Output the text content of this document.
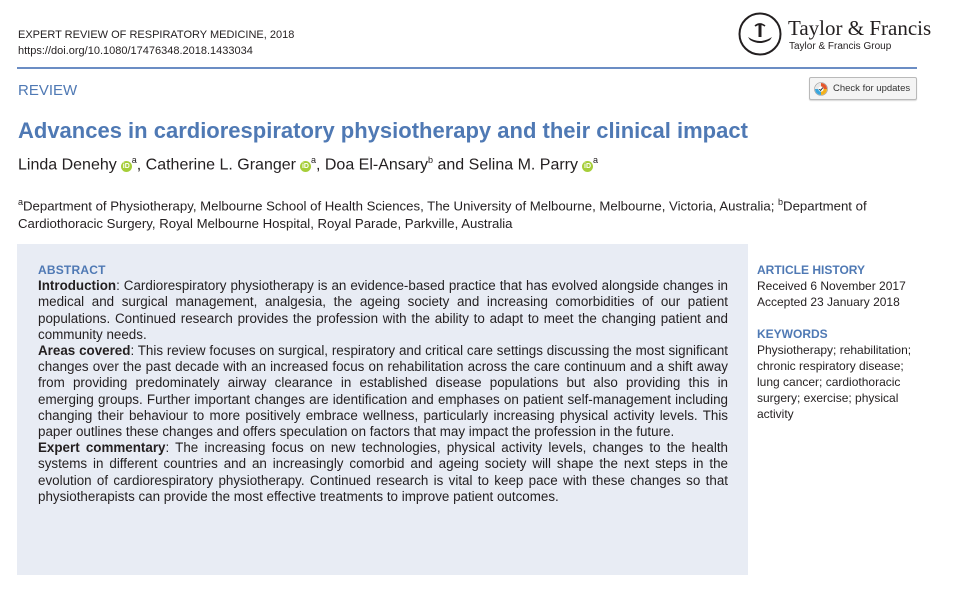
EXPERT REVIEW OF RESPIRATORY MEDICINE, 2018
https://doi.org/10.1080/17476348.2018.1433034
Taylor & Francis
Taylor & Francis Group
REVIEW	Check for updates
Advances in cardiorespiratory physiotherapy and their clinical impact
Linda Denehy $iD^a$, Catherine L. Granger $iD^a$, Doa El-Ansary$^b$ and Selina M. Parry $iD^a$
$^a$Department of Physiotherapy, Melbourne School of Health Sciences, The University of Melbourne, Melbourne, Victoria, Australia; $^b$Department of Cardiothoracic Surgery, Royal Melbourne Hospital, Royal Parade, Parkville, Australia
ABSTRACT
Introduction: Cardiorespiratory physiotherapy is an evidence-based practice that has evolved alongside changes in medical and surgical management, analgesia, the ageing society and increasing comorbidities of our patient populations. Continued research provides the profession with the ability to adapt to meet the changing patient and community needs.
Areas covered: This review focuses on surgical, respiratory and critical care settings discussing the most significant changes over the past decade with an increased focus on rehabilitation across the care continuum and a shift away from providing predominately airway clearance in established disease populations but also providing this in emerging groups. Further important changes are identification and emphases on patient self-management including changing their behaviour to more positively embrace wellness, particularly increasing physical activity levels. This paper outlines these changes and offers speculation on factors that may impact the profession in the future.
Expert commentary: The increasing focus on new technologies, physical activity levels, changes to the health systems in different countries and an increasingly comorbid and ageing society will shape the next steps in the evolution of cardiorespiratory physiotherapy. Continued research is vital to keep pace with these changes so that physiotherapists can provide the most effective treatments to improve patient outcomes.
ARTICLE HISTORY
Received 6 November 2017
Accepted 23 January 2018
KEYWORDS
Physiotherapy; rehabilitation; chronic respiratory disease; lung cancer; cardiothoracic surgery; exercise; physical activity
